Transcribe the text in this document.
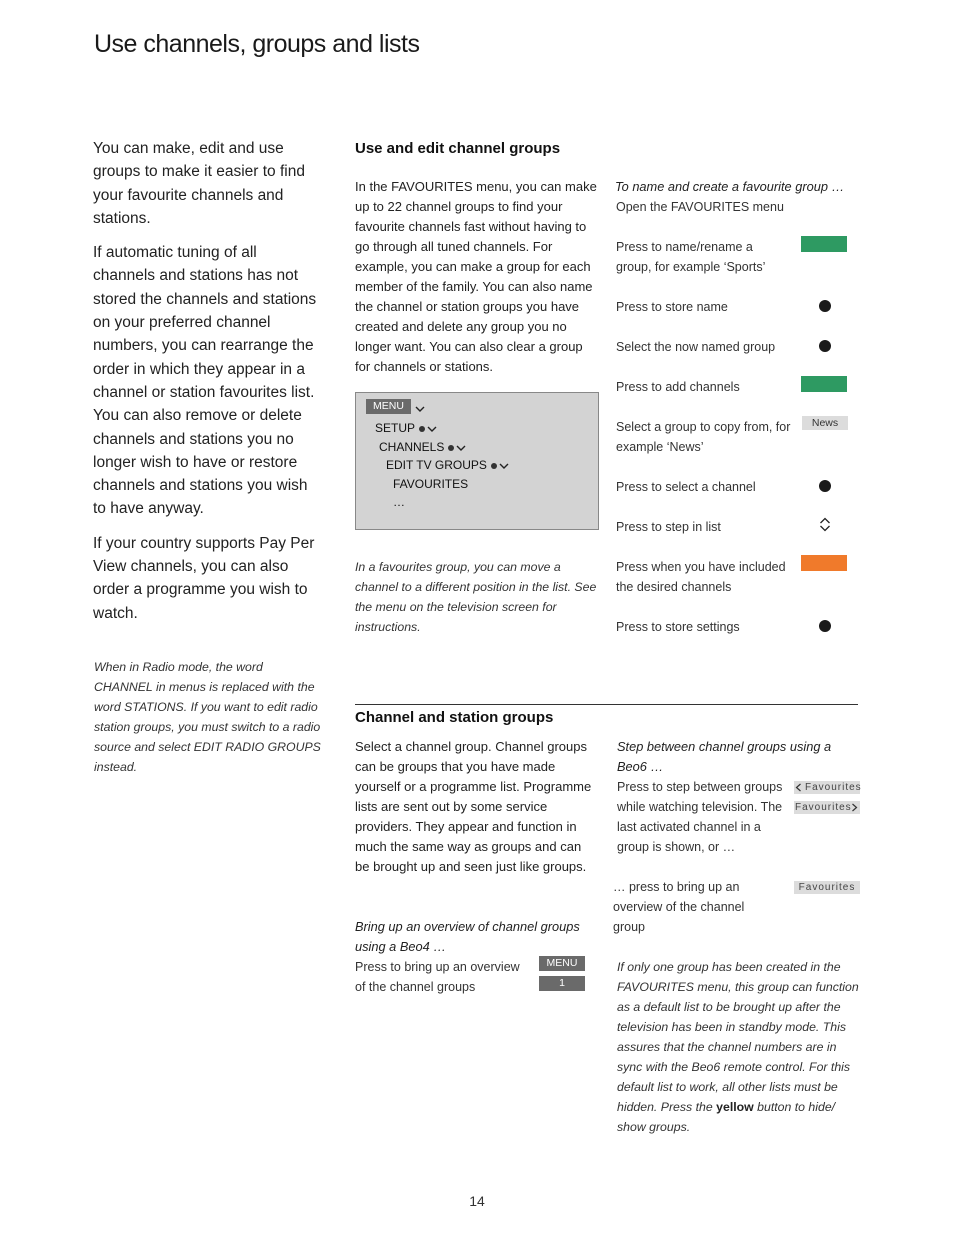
Use channels, groups and lists

You can make, edit and use groups to make it easier to find your favourite channels and stations.

If automatic tuning of all channels and stations has not stored the channels and stations on your preferred channel numbers, you can rearrange the order in which they appear in a channel or station favourites list. You can also remove or delete channels and stations you no longer wish to have or restore channels and stations you wish to have anyway.

If your country supports Pay Per View channels, you can also order a programme you wish to watch.

When in Radio mode, the word CHANNEL in menus is replaced with the word STATIONS. If you want to edit radio station groups, you must switch to a radio source and select EDIT RADIO GROUPS instead.
Use and edit channel groups
In the FAVOURITES menu, you can make up to 22 channel groups to find your favourite channels fast without having to go through all tuned channels. For example, you can make a group for each member of the family. You can also name the channel or station groups you have created and delete any group you no longer want. You can also clear a group for channels or stations.
MENU
SETUP
CHANNELS
EDIT TV GROUPS
FAVOURITES
…
In a favourites group, you can move a channel to a different position in the list. See the menu on the television screen for instructions.
To name and create a favourite group …
Open the FAVOURITES menu
Press to name/rename a group, for example ‘Sports’
Press to store name
Select the now named group
Press to add channels
Select a group to copy from, for example ‘News’
News
Press to select a channel
Press to step in list
Press when you have included the desired channels
Press to store settings
Channel and station groups
Select a channel group. Channel groups can be groups that you have made yourself or a programme list. Programme lists are sent out by some service providers. They appear and function in much the same way as groups and can be brought up and seen just like groups.
Bring up an overview of channel groups using a Beo4 …
Press to bring up an overview of the channel groups
MENU
1
Step between channel groups using a Beo6 …
Press to step between groups while watching television. The last activated channel in a group is shown, or …
Favourites
Favourites
… press to bring up an overview of the channel group
Favourites
If only one group has been created in the FAVOURITES menu, this group can function as a default list to be brought up after the television has been in standby mode. This assures that the channel numbers are in sync with the Beo6 remote control. For this default list to work, all other lists must be hidden. Press the yellow button to hide/ show groups.
14
